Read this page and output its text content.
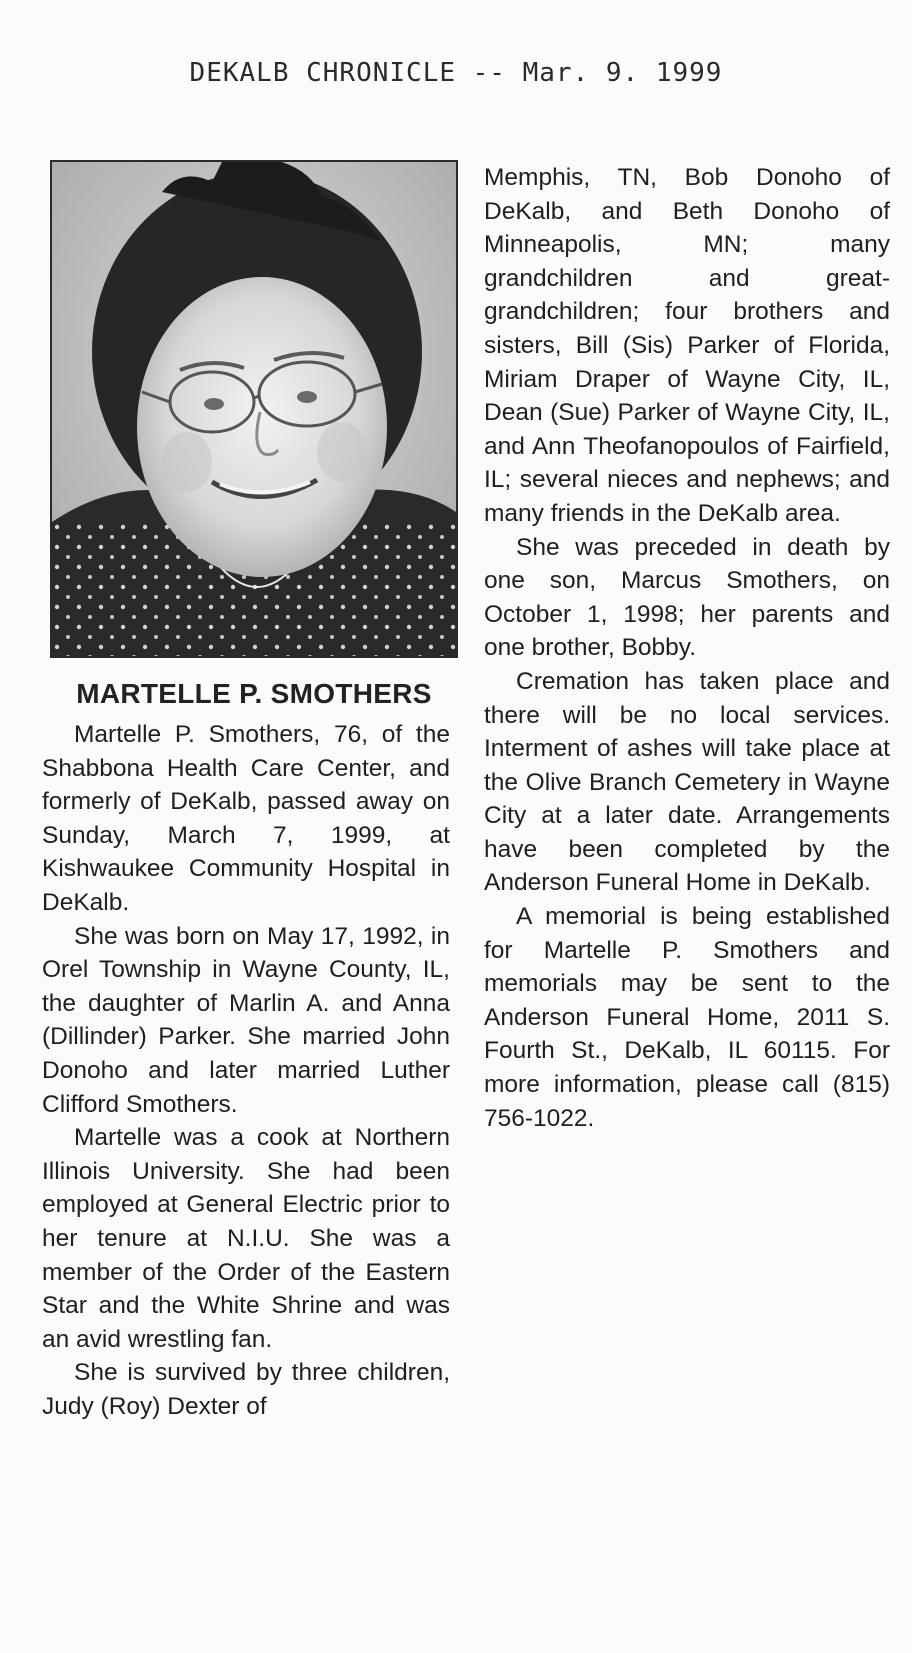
DEKALB CHRONICLE -- Mar. 9. 1999
MARTELLE P. SMOTHERS

Martelle P. Smothers, 76, of the Shabbona Health Care Center, and formerly of DeKalb, passed away on Sunday, March 7, 1999, at Kishwaukee Community Hospital in DeKalb.

She was born on May 17, 1992, in Orel Township in Wayne County, IL, the daughter of Marlin A. and Anna (Dillinder) Parker. She married John Donoho and later married Luther Clifford Smothers.

Martelle was a cook at Northern Illinois University. She had been employed at General Electric prior to her tenure at N.I.U. She was a member of the Order of the Eastern Star and the White Shrine and was an avid wrestling fan.

She is survived by three children, Judy (Roy) Dexter of

Memphis, TN, Bob Donoho of DeKalb, and Beth Donoho of Minneapolis, MN; many grandchildren and great-grandchildren; four brothers and sisters, Bill (Sis) Parker of Florida, Miriam Draper of Wayne City, IL, Dean (Sue) Parker of Wayne City, IL, and Ann Theofanopoulos of Fairfield, IL; several nieces and nephews; and many friends in the DeKalb area.

She was preceded in death by one son, Marcus Smothers, on October 1, 1998; her parents and one brother, Bobby.

Cremation has taken place and there will be no local services. Interment of ashes will take place at the Olive Branch Cemetery in Wayne City at a later date. Arrangements have been completed by the Anderson Funeral Home in DeKalb.

A memorial is being established for Martelle P. Smothers and memorials may be sent to the Anderson Funeral Home, 2011 S. Fourth St., DeKalb, IL 60115. For more information, please call (815) 756-1022.
